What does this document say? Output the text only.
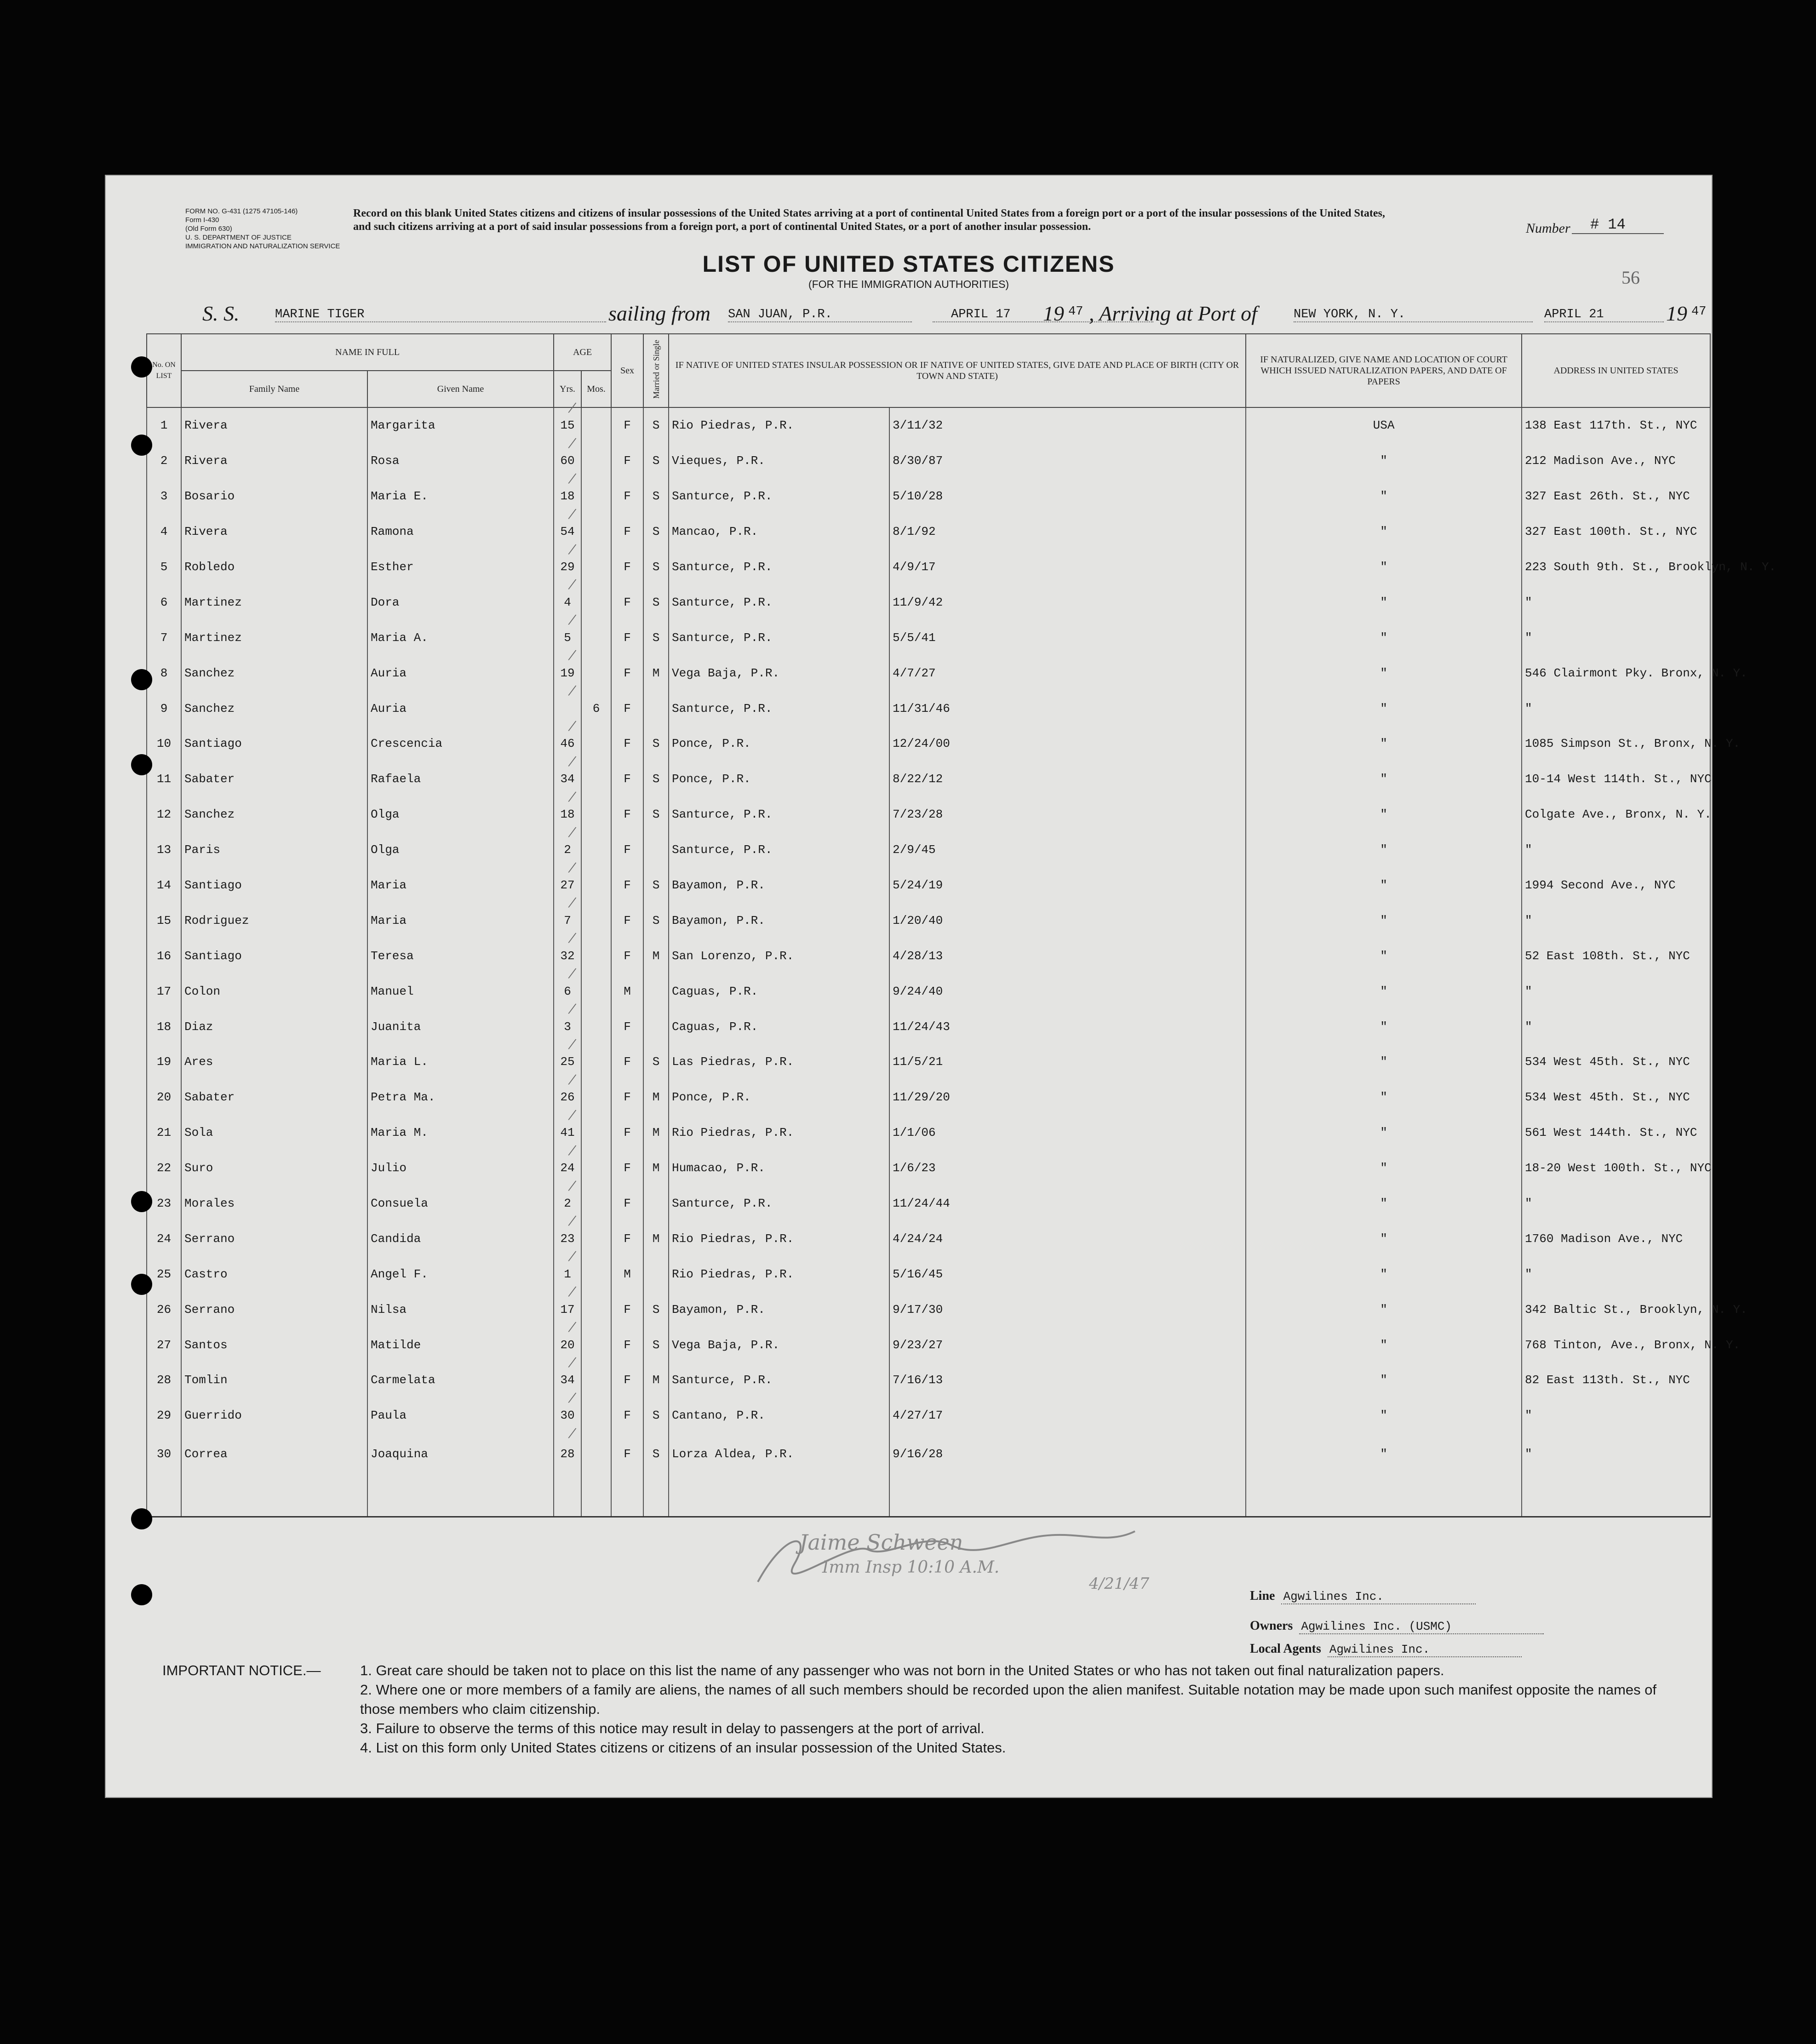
FORM NO. G-431 (1275 47105-146)
Form I-430
(Old Form 630)
U. S. DEPARTMENT OF JUSTICE
IMMIGRATION AND NATURALIZATION SERVICE
Record on this blank United States citizens and citizens of insular possessions of the United States arriving at a port of continental United States from a foreign port or a port of the insular possessions of the United States, and such citizens arriving at a port of said insular possessions from a foreign port, a port of continental United States, or a port of another insular possession.	Number	# 14
LIST OF UNITED STATES CITIZENS
(FOR THE IMMIGRATION AUTHORITIES)	56
S. S.	MARINE TIGER	sailing from SAN JUAN, P.R.	APRIL 17	19 47 , Arriving at Port of	NEW YORK, N. Y.	APRIL 21	19 47
No. ON LIST	NAME IN FULL		AGE		Sex	Married or Single	IF NATIVE OF UNITED STATES INSULAR POSSESSION OR IF NATIVE OF UNITED STATES, GIVE DATE AND PLACE OF BIRTH (CITY OR TOWN AND STATE)		IF NATURALIZED, GIVE NAME AND LOCATION OF COURT WHICH ISSUED NATURALIZATION PAPERS, AND DATE OF PAPERS	ADDRESS IN UNITED STATES
	Family Name	Given Name	Yrs.	Mos.						
1	Rivera	Margarita	15	/	F	S	Rio Piedras, P.R.	3/11/32	USA	138 East 117th. St., NYC
2	Rivera	Rosa	60	/	F	S	Vieques, P.R.	8/30/87	"	212 Madison Ave., NYC
3	Bosario	Maria E.	18	/	F	S	Santurce, P.R.	5/10/28	"	327 East 26th. St., NYC
4	Rivera	Ramona	54	/	F	S	Mancao, P.R.	8/1/92	"	327 East 100th. St., NYC
5	Robledo	Esther	29	/	F	S	Santurce, P.R.	4/9/17	"	223 South 9th. St., Brooklyn, N. Y.
6	Martinez	Dora	4	/	F	S	Santurce, P.R.	11/9/42	"	"
7	Martinez	Maria A.	5	/	F	S	Santurce, P.R.	5/5/41	"	"
8	Sanchez	Auria	19	/	F	M	Vega Baja, P.R.	4/7/27	"	546 Clairmont Pky. Bronx, N. Y.
9	Sanchez	Auria		6 /	F		Santurce, P.R.	11/31/46	"	"
10	Santiago	Crescencia	46	/	F	S	Ponce, P.R.	12/24/00	"	1085 Simpson St., Bronx, N. Y.
11	Sabater	Rafaela	34	/	F	S	Ponce, P.R.	8/22/12	"	10-14 West 114th. St., NYC
12	Sanchez	Olga	18	/	F	S	Santurce, P.R.	7/23/28	"	Colgate Ave., Bronx, N. Y.
13	Paris	Olga	2	/	F		Santurce, P.R.	2/9/45	"	"
14	Santiago	Maria	27	/	F	S	Bayamon, P.R.	5/24/19	"	1994 Second Ave., NYC
15	Rodriguez	Maria	7	/	F	S	Bayamon, P.R.	1/20/40	"	"
16	Santiago	Teresa	32	/	F	M	San Lorenzo, P.R.	4/28/13	"	52 East 108th. St., NYC
17	Colon	Manuel	6	/	M		Caguas, P.R.	9/24/40	"	"
18	Diaz	Juanita	3	/	F		Caguas, P.R.	11/24/43	"	"
19	Ares	Maria L.	25	/	F	S	Las Piedras, P.R.	11/5/21	"	534 West 45th. St., NYC
20	Sabater	Petra Ma.	26	/	F	M	Ponce, P.R.	11/29/20	"	534 West 45th. St., NYC
21	Sola	Maria M.	41	/	F	M	Rio Piedras, P.R.	1/1/06	"	561 West 144th. St., NYC
22	Suro	Julio	24	/	F	M	Humacao, P.R.	1/6/23	"	18-20 West 100th. St., NYC
23	Morales	Consuela	2	/	F		Santurce, P.R.	11/24/44	"	"
24	Serrano	Candida	23	/	F	M	Rio Piedras, P.R.	4/24/24	"	1760 Madison Ave., NYC
25	Castro	Angel F.	1	/	M		Rio Piedras, P.R.	5/16/45	"	"
26	Serrano	Nilsa	17	/	F	S	Bayamon, P.R.	9/17/30	"	342 Baltic St., Brooklyn, N. Y.
27	Santos	Matilde	20	/	F	S	Vega Baja, P.R.	9/23/27	"	768 Tinton, Ave., Bronx, N. Y.
28	Tomlin	Carmelata	34	/	F	M	Santurce, P.R.	7/16/13	"	82 East 113th. St., NYC
29	Guerrido	Paula	30	/	F	S	Cantano, P.R.	4/27/17	"	"
30	Correa	Joaquina	28	/	F	S	Lorza Aldea, P.R.	9/16/28	"	"
Jaime Schween
Imm Insp 10:10 A.M.
4/21/47
Line Agwilines Inc.
Owners Agwilines Inc. (USMC)
Local Agents Agwilines Inc.
IMPORTANT NOTICE.—	1. Great care should be taken not to place on this list the name of any passenger who was not born in the United States or who has not taken out final naturalization papers.
2. Where one or more members of a family are aliens, the names of all such members should be recorded upon the alien manifest. Suitable notation may be made upon such manifest opposite the names of those members who claim citizenship.
3. Failure to observe the terms of this notice may result in delay to passengers at the port of arrival.
4. List on this form only United States citizens or citizens of an insular possession of the United States.
